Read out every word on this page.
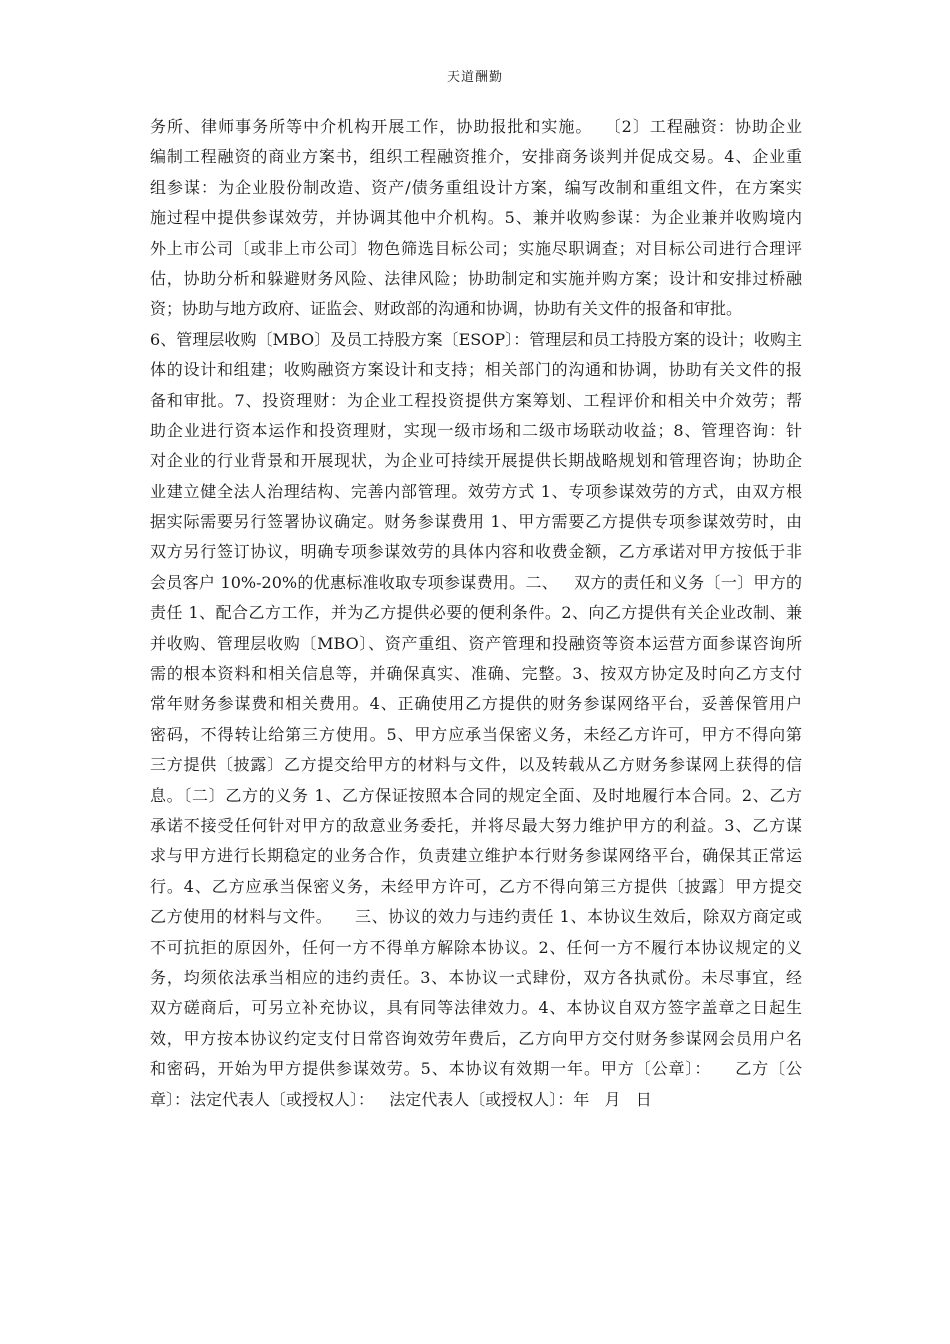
天道酬勤
务所、律师事务所等中介机构开展工作，协助报批和实施。  〔2〕工程融资：协助企业
编制工程融资的商业方案书，组织工程融资推介，安排商务谈判并促成交易。4、企业重
组参谋：为企业股份制改造、资产/债务重组设计方案，编写改制和重组文件，在方案实
施过程中提供参谋效劳，并协调其他中介机构。5、兼并收购参谋：为企业兼并收购境内
外上市公司〔或非上市公司〕物色筛选目标公司；实施尽职调查；对目标公司进行合理评
估，协助分析和躲避财务风险、法律风险；协助制定和实施并购方案；设计和安排过桥融
资；协助与地方政府、证监会、财政部的沟通和协调，协助有关文件的报备和审批。
6、管理层收购〔MBO〕及员工持股方案〔ESOP〕：管理层和员工持股方案的设计；收购主
体的设计和组建；收购融资方案设计和支持；相关部门的沟通和协调，协助有关文件的报
备和审批。7、投资理财：为企业工程投资提供方案筹划、工程评价和相关中介效劳；帮
助企业进行资本运作和投资理财，实现一级市场和二级市场联动收益；8、管理咨询：针
对企业的行业背景和开展现状，为企业可持续开展提供长期战略规划和管理咨询；协助企
业建立健全法人治理结构、完善内部管理。效劳方式 1、专项参谋效劳的方式，由双方根
据实际需要另行签署协议确定。财务参谋费用 1、甲方需要乙方提供专项参谋效劳时，由
双方另行签订协议，明确专项参谋效劳的具体内容和收费金额，乙方承诺对甲方按低于非
会员客户 10%-20%的优惠标准收取专项参谋费用。二、   双方的责任和义务〔一〕甲方的
责任 1、配合乙方工作，并为乙方提供必要的便利条件。2、向乙方提供有关企业改制、兼
并收购、管理层收购〔MBO〕、资产重组、资产管理和投融资等资本运营方面参谋咨询所
需的根本资料和相关信息等，并确保真实、准确、完整。3、按双方协定及时向乙方支付
常年财务参谋费和相关费用。4、正确使用乙方提供的财务参谋网络平台，妥善保管用户
密码，不得转让给第三方使用。5、甲方应承当保密义务，未经乙方许可，甲方不得向第
三方提供〔披露〕乙方提交给甲方的材料与文件，以及转载从乙方财务参谋网上获得的信
息。〔二〕乙方的义务 1、乙方保证按照本合同的规定全面、及时地履行本合同。2、乙方
承诺不接受任何针对甲方的敌意业务委托，并将尽最大努力维护甲方的利益。3、乙方谋
求与甲方进行长期稳定的业务合作，负责建立维护本行财务参谋网络平台，确保其正常运
行。4、乙方应承当保密义务，未经甲方许可，乙方不得向第三方提供〔披露〕甲方提交
乙方使用的材料与文件。    三、协议的效力与违约责任 1、本协议生效后，除双方商定或
不可抗拒的原因外，任何一方不得单方解除本协议。2、任何一方不履行本协议规定的义
务，均须依法承当相应的违约责任。3、本协议一式肆份，双方各执贰份。未尽事宜，经
双方磋商后，可另立补充协议，具有同等法律效力。4、本协议自双方签字盖章之日起生
效，甲方按本协议约定支付日常咨询效劳年费后，乙方向甲方交付财务参谋网会员用户名
和密码，开始为甲方提供参谋效劳。5、本协议有效期一年。甲方〔公章〕：    乙方〔公
章〕：法定代表人〔或授权人〕：   法定代表人〔或授权人〕：年   月   日
